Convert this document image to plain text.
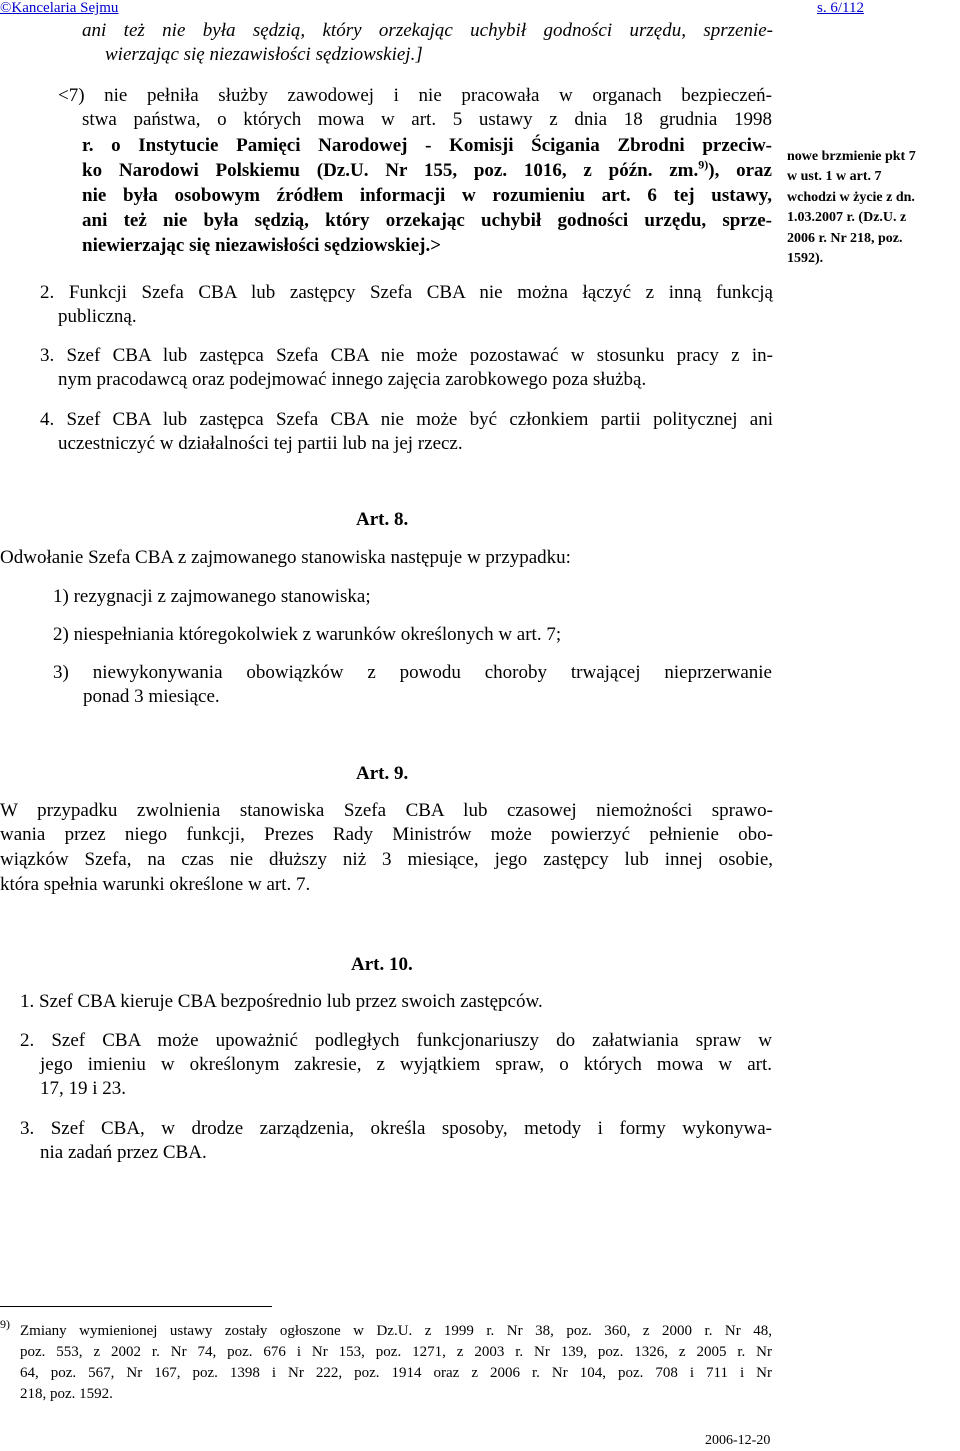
©Kancelaria Sejmu	s. 6/112
ani też nie była sędzią, który orzekając uchybił godności urzędu, sprzenie-
wierzając się niezawisłości sędziowskiej.]
<7) nie pełniła służby zawodowej i nie pracowała w organach bezpieczeń-
stwa państwa, o których mowa w art. 5 ustawy z dnia 18 grudnia 1998
r. o Instytucie Pamięci Narodowej - Komisji Ścigania Zbrodni przeciw-
ko Narodowi Polskiemu (Dz.U. Nr 155, poz. 1016, z późn. zm.$^{9)}$), oraz
nie była osobowym źródłem informacji w rozumieniu art. 6 tej ustawy,
ani też nie była sędzią, który orzekając uchybił godności urzędu, sprze-
niewierzając się niezawisłości sędziowskiej.>
nowe brzmienie pkt 7
w ust. 1 w art. 7
wchodzi w życie z dn.
1.03.2007 r. (Dz.U. z
2006 r. Nr 218, poz.
1592).
2. Funkcji Szefa CBA lub zastępcy Szefa CBA nie można łączyć z inną funkcją
publiczną.
3. Szef CBA lub zastępca Szefa CBA nie może pozostawać w stosunku pracy z in-
nym pracodawcą oraz podejmować innego zajęcia zarobkowego poza służbą.
4. Szef CBA lub zastępca Szefa CBA nie może być członkiem partii politycznej ani
uczestniczyć w działalności tej partii lub na jej rzecz.
Art. 8.
Odwołanie Szefa CBA z zajmowanego stanowiska następuje w przypadku:
1) rezygnacji z zajmowanego stanowiska;
2) niespełniania któregokolwiek z warunków określonych w art. 7;
3) niewykonywania obowiązków z powodu choroby trwającej nieprzerwanie
ponad 3 miesiące.
Art. 9.
W przypadku zwolnienia stanowiska Szefa CBA lub czasowej niemożności sprawo-
wania przez niego funkcji, Prezes Rady Ministrów może powierzyć pełnienie obo-
wiązków Szefa, na czas nie dłuższy niż 3 miesiące, jego zastępcy lub innej osobie,
która spełnia warunki określone w art. 7.
Art. 10.
1. Szef CBA kieruje CBA bezpośrednio lub przez swoich zastępców.
2. Szef CBA może upoważnić podległych funkcjonariuszy do załatwiania spraw w
jego imieniu w określonym zakresie, z wyjątkiem spraw, o których mowa w art.
17, 19 i 23.
3. Szef CBA, w drodze zarządzenia, określa sposoby, metody i formy wykonywa-
nia zadań przez CBA.
$^{9)}$ Zmiany wymienionej ustawy zostały ogłoszone w Dz.U. z 1999 r. Nr 38, poz. 360, z 2000 r. Nr 48,
poz. 553, z 2002 r. Nr 74, poz. 676 i Nr 153, poz. 1271, z 2003 r. Nr 139, poz. 1326, z 2005 r. Nr
64, poz. 567, Nr 167, poz. 1398 i Nr 222, poz. 1914 oraz z 2006 r. Nr 104, poz. 708 i 711 i Nr
218, poz. 1592.
2006-12-20
